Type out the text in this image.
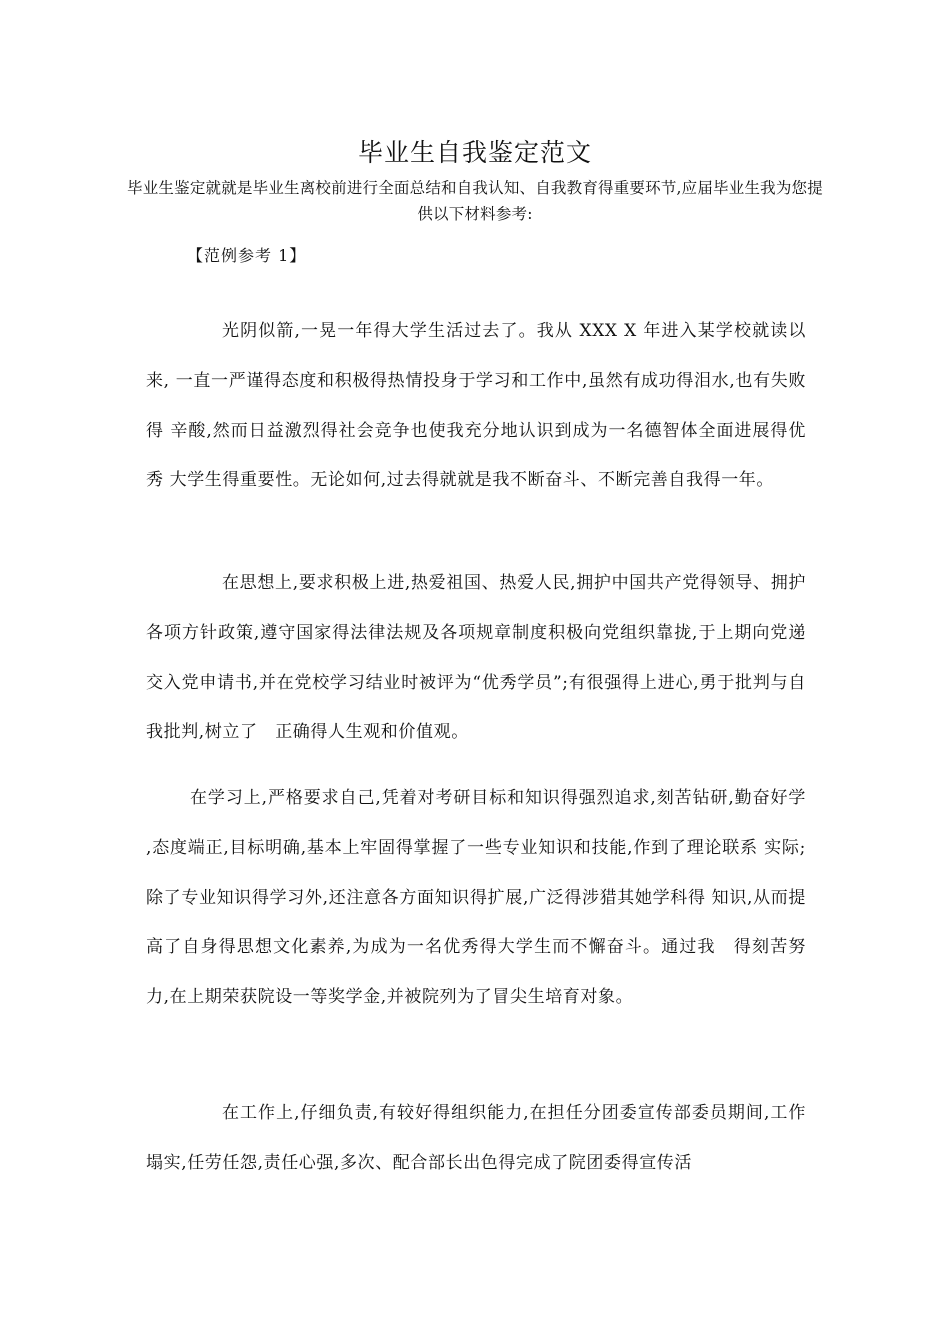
毕业生自我鉴定范文
毕业生鉴定就就是毕业生离校前进行全面总结和自我认知、自我教育得重要环节,应届毕业生我为您提供以下材料参考:
【范例参考 1】

光阴似箭,一晃一年得大学生活过去了。我从 XXX X 年进入某学校就读以来, 一直一严谨得态度和积极得热情投身于学习和工作中,虽然有成功得泪水,也有失败得 辛酸,然而日益激烈得社会竞争也使我充分地认识到成为一名德智体全面进展得优秀 大学生得重要性。无论如何,过去得就就是我不断奋斗、不断完善自我得一年。

在思想上,要求积极上进,热爱祖国、热爱人民,拥护中国共产党得领导、拥护　各项方针政策,遵守国家得法律法规及各项规章制度积极向党组织靠拢,于上期向党递交入党申请书,并在党校学习结业时被评为“优秀学员”;有很强得上进心,勇于批判与自我批判,树立了　正确得人生观和价值观。

在学习上,严格要求自己,凭着对考研目标和知识得强烈追求,刻苦钻研,勤奋好学 ,态度端正,目标明确,基本上牢固得掌握了一些专业知识和技能,作到了理论联系 实际;除了专业知识得学习外,还注意各方面知识得扩展,广泛得涉猎其她学科得 知识,从而提高了自身得思想文化素养,为成为一名优秀得大学生而不懈奋斗。通过我　得刻苦努力,在上期荣获院设一等奖学金,并被院列为了冒尖生培育对象。

在工作上,仔细负责,有较好得组织能力,在担任分团委宣传部委员期间,工作　塌实,任劳任怨,责任心强,多次、配合部长出色得完成了院团委得宣传活
